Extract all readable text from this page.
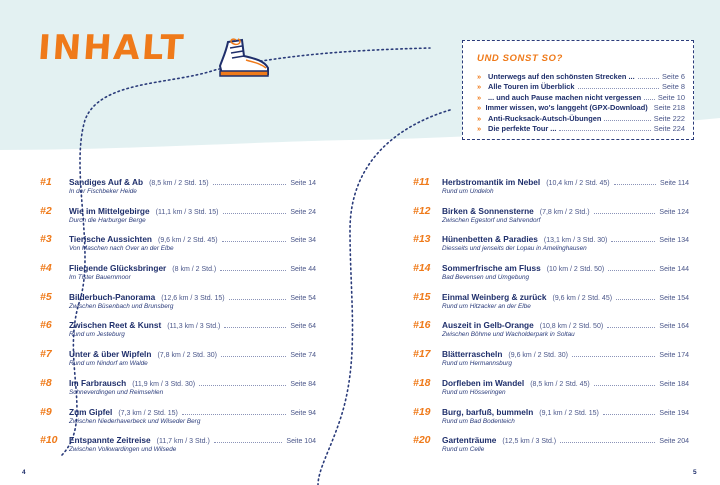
INHALT	UND SONST SO?
» Unterwegs auf den schönsten Strecken ...	Seite 6
» Alle Touren im Überblick	Seite 8
» ... und auch Pause machen nicht vergessen Seite 10
» Immer wissen, wo's langgeht (GPX-Download) Seite 218
» Anti-Rucksack-Autsch-Übungen	Seite 222
» Die perfekte Tour ...	Seite 224
#1 Sandiges Auf & Ab (8,5 km / 2 Std. 15)	Seite 14
In der Fischbeker Heide
#2 Wie im Mittelgebirge (11,1 km / 3 Std. 15)	Seite 24
Durch die Harburger Berge
#3 Tierische Aussichten (9,6 km / 2 Std. 45)	Seite 34
Von Maschen nach Over an der Elbe
#4 Fliegende Glücksbringer (8 km / 2 Std.)	Seite 44
Im Tister Bauernmoor
#5 Bilderbuch-Panorama (12,6 km / 3 Std. 15)	Seite 54
Zwischen Büsenbach und Brunsberg
#6 Zwischen Reet & Kunst (11,3 km / 3 Std.)	Seite 64
Rund um Jesteburg
#7 Unter & über Wipfeln (7,8 km / 2 Std. 30)	Seite 74
Rund um Nindorf am Walde
#8 Im Farbrausch (11,9 km / 3 Std. 30)	Seite 84
Schneverdingen und Reimsehlen
#9 Zum Gipfel (7,3 km / 2 Std. 15)	Seite 94
Zwischen Niederhaverbeck und Wilseder Berg
#10 Entspannte Zeitreise (11,7 km / 3 Std.)	Seite 104
Zwischen Volkwardingen und Wilsede
#11 Herbstromantik im Nebel (10,4 km / 2 Std. 45)	Seite 114
Rund um Undeloh
#12 Birken & Sonnensterne (7,8 km / 2 Std.)	Seite 124
Zwischen Egestorf und Sahrendorf
#13 Hünenbetten & Paradies (13,1 km / 3 Std. 30)	Seite 134
Diesseits und jenseits der Lopau in Amelinghausen
#14 Sommerfrische am Fluss (10 km / 2 Std. 50)	Seite 144
Bad Bevensen und Umgebung
#15 Einmal Weinberg & zurück (9,6 km / 2 Std. 45)	Seite 154
Rund um Hitzacker an der Elbe
#16 Auszeit in Gelb-Orange (10,8 km / 2 Std. 50)	Seite 164
Zwischen Böhme und Wacholderpark in Soltau
#17 Blätterrascheln (9,6 km / 2 Std. 30)	Seite 174
Rund um Hermannsburg
#18 Dorfleben im Wandel (8,5 km / 2 Std. 45)	Seite 184
Rund um Hösseringen
#19 Burg, barfuß, bummeln (9,1 km / 2 Std. 15)	Seite 194
Rund um Bad Bodenteich
#20 Gartenträume (12,5 km / 3 Std.)	Seite 204
Rund um Celle
4	5
